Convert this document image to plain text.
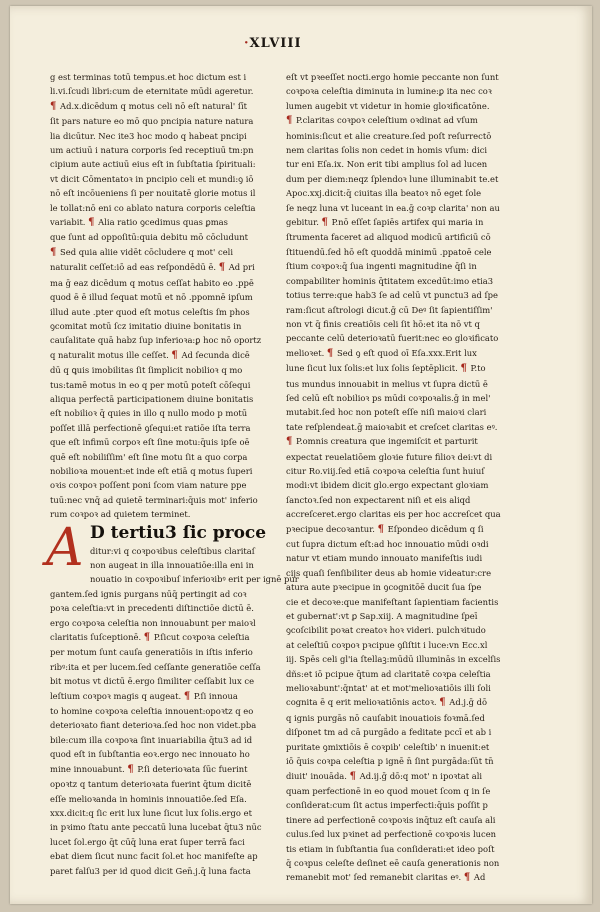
·XLVIII
g est terminas totū tempus.et hoc dictum est i
li.vi.ſcudi libri:cum de eternitate mūdi ageretur.
¶ Ad.x.dicēdum q motus celi nō eſt natural' ſīt
ſit pars nature eo mō quo pncipia nature natura
lia dicūtur. Nec ite3 hoc modo q habeat pncipi
um actiuū i natura corporis ſed receptiuū tm:pn
cipium aute actiuū eius eſt in ſubſtatia ſpirituali:
vt dicit Cōmentatoꝛ in pncipio celi et mundi:ꝯ iō
nō eſt incōueniens ſi per nouitatē glorie motus il
le tollat:nō eni co ablato natura corporis celeſtia
variabit. ¶ Alia ratio ꝯcedimus quas ꝑmas
que ſunt ad oppoſitū:quia debitu mō cōcludunt
¶ Sed quia aliie vidēt cōcludere q mot' celi
naturalit ceſſet:iō ad eas reſpondēdū ē. ¶ Ad pri
ma ḡ eaz dicēdum q motus ceſſat habito eo .ppē
quod ē ē illud ſequat motū et nō .ppomnē ipſum
illud aute .pter quod eſt motus celeſtis ſm phos
ꝯcomitat motū ſcz imitatio diuine bonitatis in
cauſalitate quā habz ſup inferioꝛa:ꝑ hoc nō oportz
q naturalit motus ille ceſſet. ¶ Ad ſecunda dicē
dū q ꝗuis imobilitas ſit ſimplicit nobilioꝛ q mo
tus:tamē motus in eo q per motū poteſt cōſequi
aliqua perfectā participationem diuine bonitatis
eſt nobilioꝛ q̄ quies in illo q nullo modo p motū
poſſet illā perfectionē ꝯſequi:et ratiōe iſta terra
que eſt infimū corpoꝛ eſt ſine motu:q̄uis ipſe oē
quē eſt nobiliſſim' eſt ſine motu ſit a quo corpa
nobilioꝛa mouent:et inde eſt etiā q motus ſuperi
oꝛis coꝛpoꝛ poſſent poni ſcom viam nature ppe
tuū:nec vnq̄ ad quietē terminari:q̄uis mot' inferio
rum coꝛpoꝛ ad quietem terminet.
A D tertiu3 ſic proce
ditur:vi q coꝛpoꝛibus celeſtibus claritaſ
non augeat in illa innouatiōe:illa eni in
nouatio in coꝛpoꝛibuſ inferioꝛibꝰ erit per ignē pur
gantem.ſed ignis purgans nūq̄ pertingit ad coꝛ
poꝛa celeſtia:vt in precedenti diſtinctiōe dictū ē.
ergo coꝛpoꝛa celeſtia non innouabunt per maioꝛl
claritatis ſuſceptionē. ¶ P.ſicut coꝛpoꝛa celeſtia
per motum ſunt cauſa generatiōis in iſtis inferio
ribꝰ:ita et per lucem.ſed ceſſante generatiōe ceſſa
bit motus vt dictū ē.ergo ſimiliter ceſſabit lux ce
leſtium coꝛpoꝛ magis q augeat. ¶ P.ſi innoua
to homine coꝛpoꝛa celeſtia innouent:opoꝛtz q eo
deterioꝛato fiant deterioꝛa.ſed hoc non videt.pba
bile:cum illa coꝛpoꝛa ſint inuariabilia q̄tu3 ad id
quod eſt in ſubſtantia eoꝛ.ergo nec innouato ho
mine innouabunt. ¶ P.ſi deterioꝛata ſūc fuerint
opoꝛtz q tantum deterioꝛata fuerint q̄tum dicitē
eſſe melioꝛanda in hominis innouatiōe.ſed Eſa.
xxx.dicit:q ſic erit lux lune ſicut lux ſolis.ergo et
in pꝛimo ſtatu ante peccatū luna lucebat q̄tu3 nūc
lucet ſol.ergo q̄t cūq̄ luna erat ſuper terrā faci
ebat diem ſicut nunc facit ſol.et hoc manifeſte ap
paret falſu3 per id quod dicit Gen̄.j.q̄ luna facta
eſt vt pꝛeeſſet nocti.ergo homie peccante non ſunt
coꝛpoꝛa celeſtia diminuta in lumine:ꝑ ita nec coꝛ
lumen augebit vt videtur in homie gloꝛificatōne.
¶ P.claritas coꝛpoꝛ celeſtium oꝛdinat ad vſum
hominis:ſicut et alie creature.ſed poſt reſurrectō
nem claritas ſolis non cedet in homis vſum: dici
tur eni Eſa.ix. Non erit tibi amplius ſol ad lucen
dum per diem:neqz ſplendoꝛ lune illuminabit te.et
Apoc.xxj.dicit:q̄ ciuitas illa beatoꝛ nō eget ſole
ſe neqz luna vt luceant in ea.ḡ coꝛp clarita' non au
gebitur. ¶ P.nō eſſet ſapiēs artifex qui maria in
ſtrumenta faceret ad aliquod modicū artificiū cō
ſtituendū.ſed hō eſt quoddā minimū .ppatoē cele
ſtium coꝛpoꝛ:q̄ ſua ingenti magnitudine q̄ſi in
compabiliter hominis q̄titatem excedūt:imo etia3
totius terre:que hab3 ſe ad celū vt punctu3 ad ſpe
ram:ſicut aſtrologi dicut.ḡ cū Deꝰ ſit ſapientiſſim'
non vt q̄ finis creatiōis celi ſit hō:et ita nō vt q
peccante celū deterioꝛatū fuerit:nec eo gloꝛificato
melioꝛet. ¶ Sed ꝯ eſt quod oī Eſa.xxx.Erit lux
lune ſicut lux ſolis:et lux ſolis ſeptēplicit. ¶ P.to
tus mundus innouabit in melius vt ſupra dictū ē
ſed celū eſt nobilioꝛ ps mūdi coꝛpoꝛalis.ḡ in mel'
mutabit.ſed hoc non poteſt eſſe niſi maioꝛi clari
tate reſplendeat.ḡ maioꝛabit et creſcet claritas eꝰ.
¶ P.omnis creatura que ingemiſcit et parturit
expectat reuelatiōem gloꝛie future filioꝛ dei:vt di
citur Ro.viij.ſed etiā coꝛpoꝛa celeſtia ſunt huiuſ
modi:vt ibidem dicit glo.ergo expectant gloꝛiam
ſanctoꝛ.ſed non expectarent niſi et eis aliqd
accreſceret.ergo claritas eis per hoc accreſcet qua
pꝛecipue decoꝛantur. ¶ Eſpondeo dicēdum q ſi
cut ſupra dictum eſt:ad hoc innouatio mūdi oꝛdi
natur vt etiam mundo innouato manifeſtis iudi
cijs quaſi ſenſibiliter deus ab homie videatur:cre
atura aute pꝛecipue in ꝯcognitōē ducit ſua ſpe
cie et decoꝛe:que manifeſtant ſapientiam facientis
et gubernat':vt ꝑ Sap.xiij. A magnitudine ſpeī
ꝯcoſcibilit poꝛat creatoꝛ hoꝛ videri. pulchꝛitudo
at celeſtiū coꝛpoꝛ pꝛcipue ꝯſiſtit i luce:vn Ecc.xl
iij. Spēs celi gl'ia ſtellaꝫ:mūdū illuminās in excelſis
dñs:et iō pcipue q̄tum ad claritatē coꝛpa celeſtia
melioꝛabunt':q̄ntat' at et mot'melioꝛatiōis illi ſoli
cognita ē q erit melioꝛatiōnis actoꝛ. ¶ Ad.j.ḡ dō
q ignis purgās nō cauſabit inouatiois foꝛmā.ſed
diſponet tm ad cā purgādo a feditate pccī et ab i
puritate ꝯmixtiōis ē coꝛpib' celeſtib' n inuenit:et
iō q̄uis coꝛpa celeſtia p ignē n̄ ſint purgāda:ſūt tn̄
diuit' inouāda. ¶ Ad.ij.ḡ dō:q mot' n ipoꝛtat ali
quam perfectionē in eo quod mouet ſcom q in ſe
conſiderat:cum ſit actus imperfecti:q̄uis poſſit p
tinere ad perfectionē coꝛpoꝛis inq̄tuz eſt cauſa ali
culus.ſed lux pꝛinet ad perfectionē coꝛpoꝛis lucen
tis etiam in ſubſtantia ſua conſiderati:et ideo poſt
q̄ coꝛpus celeſte deſinet eē cauſa generationis non
remanebit mot' ſed remanebit claritas eꝰ. ¶ Ad
